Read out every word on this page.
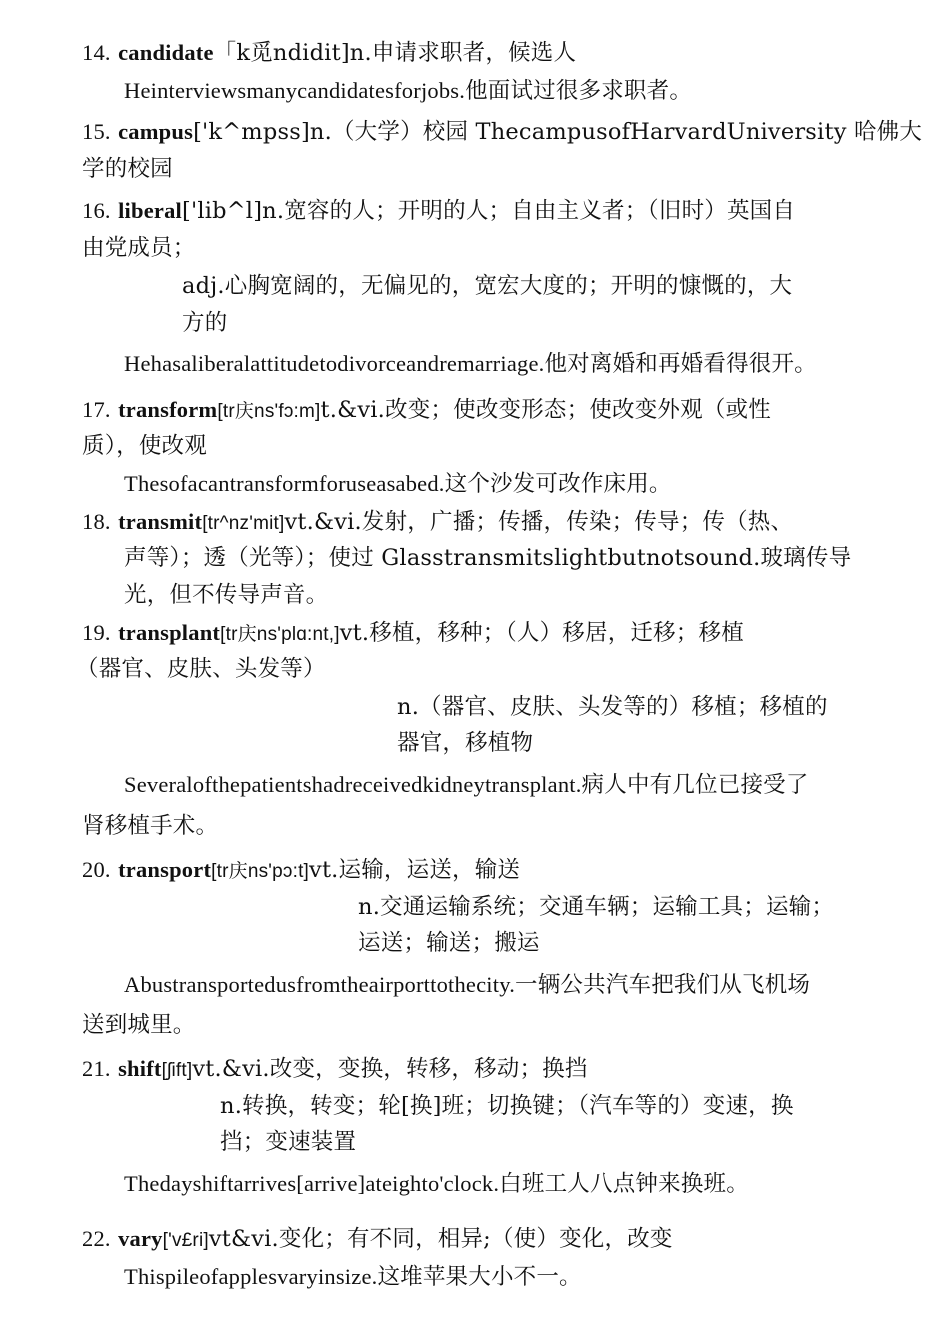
14. candidate「k觅ndidit]n.申请求职者，候选人
Heinterviewsmanycandidatesforjobs.他面试过很多求职者。
15. campus['k^mpss]n.（大学）校园 ThecampusofHarvardUniversity 哈佛大
学的校园
16. liberal['lib^l]n.宽容的人；开明的人；自由主义者；（旧时）英国自
由党成员；
adj.心胸宽阔的，无偏见的，宽宏大度的；开明的慷慨的，大
方的
Hehasaliberalattitudetodivorceandremarriage.他对离婚和再婚看得很开。
17. transform[tr庆ns'fɔ:m]t.&vi.改变；使改变形态；使改变外观（或性
质），使改观
Thesofacantransformforuseasabed.这个沙发可改作床用。
18. transmit[tr^nz'mit]vt.&vi.发射，广播；传播，传染；传导；传（热、
声等）；透（光等）；使过 Glasstransmitslightbutnotsound.玻璃传导
光，但不传导声音。
19. transplant[tr庆ns'plɑ:nt,]vt.移植，移种；（人）移居，迁移；移植
（器官、皮肤、头发等）
n.（器官、皮肤、头发等的）移植；移植的
器官，移植物
Severalofthepatientshadreceivedkidneytransplant.病人中有几位已接受了
肾移植手术。
20. transport[tr庆ns'pɔ:t]vt.运输，运送，输送
n.交通运输系统；交通车辆；运输工具；运输；
运送；输送；搬运
Abustransportedusfromtheairporttothecity.一辆公共汽车把我们从飞机场
送到城里。
21. shift[ʃift]vt.&vi.改变，变换，转移，移动；换挡
n.转换，转变；轮[换]班；切换键；（汽车等的）变速，换
挡；变速装置
Thedayshiftarrives[arrive]ateighto'clock.白班工人八点钟来换班。
22. vary['v£ri]vt&vi.变化；有不同，相异;（使）变化，改变
Thispileofapplesvaryinsize.这堆苹果大小不一。
